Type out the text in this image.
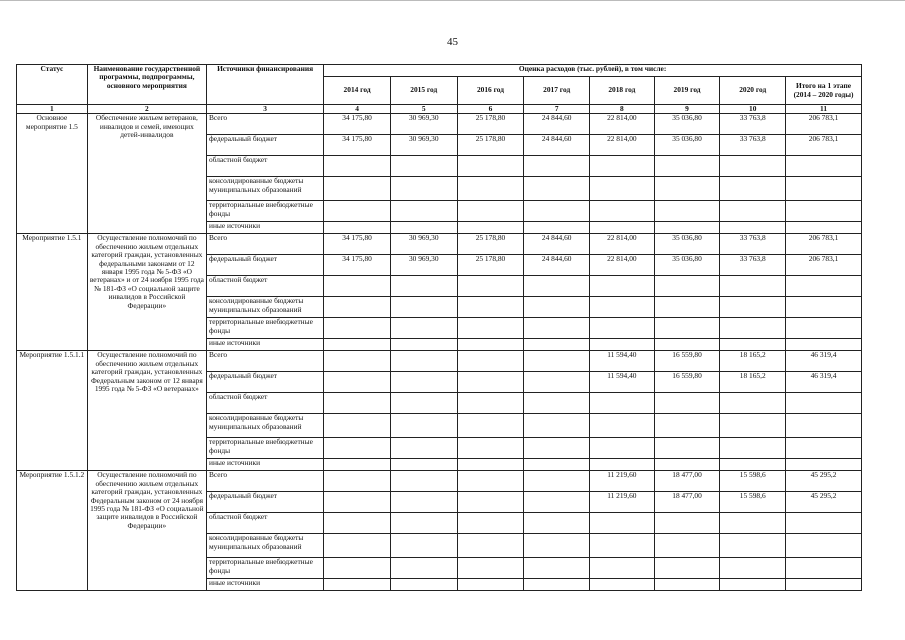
45
Статус	Наименование государственной программы, подпрограммы, основного мероприятия	Источники финансирования	Оценка расходов (тыс. рублей), в том числе:							
			2014 год	2015 год	2016 год	2017 год	2018 год	2019 год	2020 год	Итого на 1 этапе (2014 – 2020 годы)
1	2	3	4	5	6	7	8	9	10	11
Основное мероприятие 1.5	Обеспечение жильем ветеранов, инвалидов и семей, имеющих детей-инвалидов	Всего	34 175,80	30 969,30	25 178,80	24 844,60	22 814,00	35 036,80	33 763,8	206 783,1
		федеральный бюджет	34 175,80	30 969,30	25 178,80	24 844,60	22 814,00	35 036,80	33 763,8	206 783,1
		областной бюджет								
		консолидированные бюджеты муниципальных образований								
		территориальные внебюджетные фонды								
		иные источники								
Мероприятие 1.5.1	Осуществление полномочий по обеспечению жильем отдельных категорий граждан, установленных федеральными законами от 12 января 1995 года № 5-ФЗ «О ветеранах» и от 24 ноября 1995 года № 181-ФЗ «О социальной защите инвалидов в Российской Федерации»	Всего	34 175,80	30 969,30	25 178,80	24 844,60	22 814,00	35 036,80	33 763,8	206 783,1
		федеральный бюджет	34 175,80	30 969,30	25 178,80	24 844,60	22 814,00	35 036,80	33 763,8	206 783,1
		областной бюджет								
		консолидированные бюджеты муниципальных образований								
		территориальные внебюджетные фонды								
		иные источники								
Мероприятие 1.5.1.1	Осуществление полномочий по обеспечению жильем отдельных категорий граждан, установленных Федеральным законом от 12 января 1995 года № 5-ФЗ «О ветеранах»	Всего					11 594,40	16 559,80	18 165,2	46 319,4
		федеральный бюджет					11 594,40	16 559,80	18 165,2	46 319,4
		областной бюджет								
		консолидированные бюджеты муниципальных образований								
		территориальные внебюджетные фонды								
		иные источники								
Мероприятие 1.5.1.2	Осуществление полномочий по обеспечению жильем отдельных категорий граждан, установленных Федеральным законом от 24 ноября 1995 года № 181-ФЗ «О социальной защите инвалидов в Российской Федерации»	Всего					11 219,60	18 477,00	15 598,6	45 295,2
		федеральный бюджет					11 219,60	18 477,00	15 598,6	45 295,2
		областной бюджет								
		консолидированные бюджеты муниципальных образований								
		территориальные внебюджетные фонды								
		иные источники								
